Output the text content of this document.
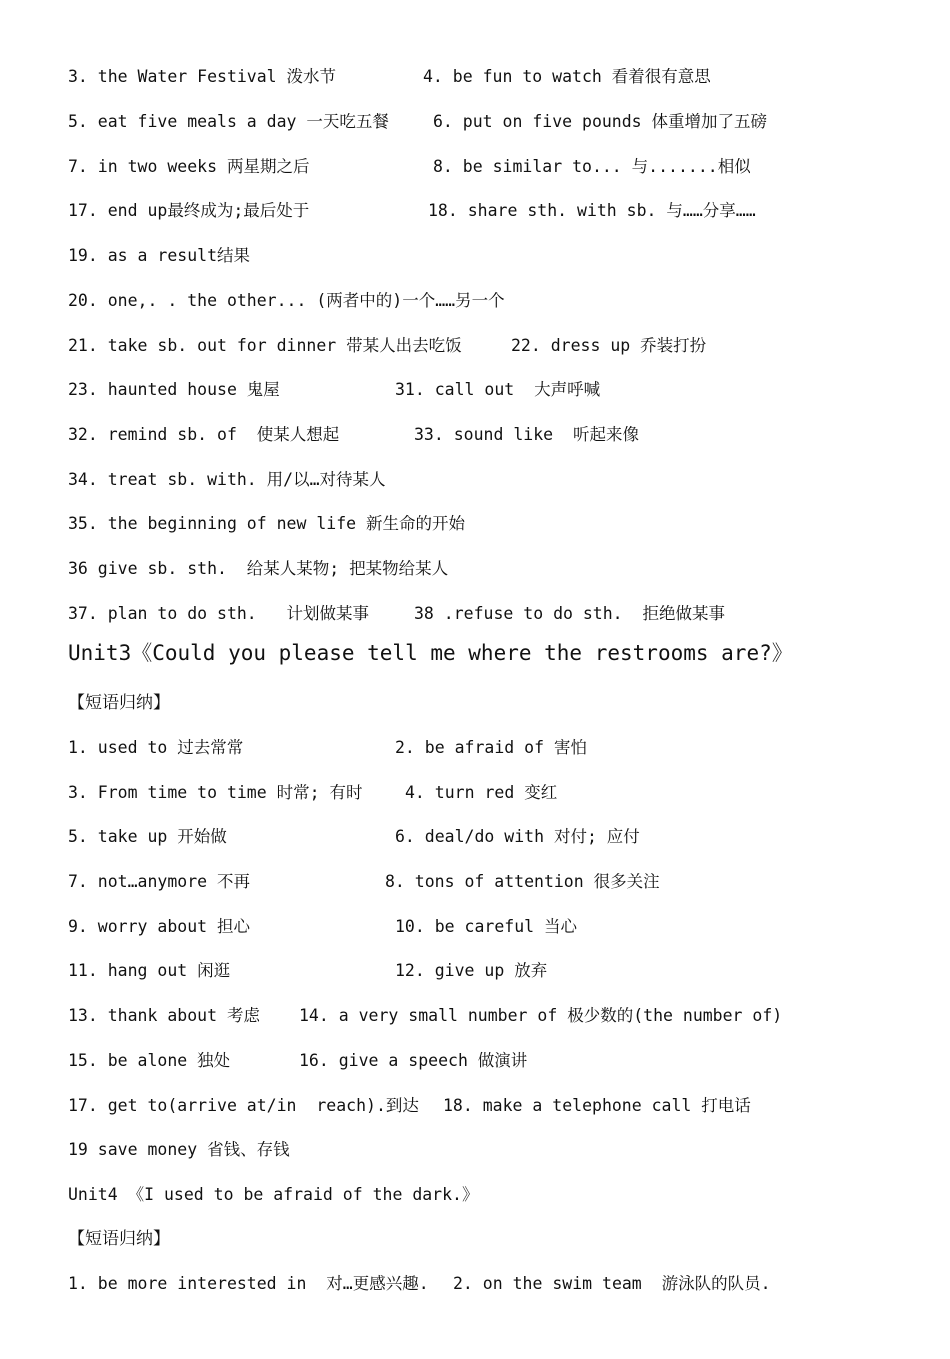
3. the Water Festival 泼水节

	4. be fun to watch 看着很有意思

5. eat five meals a day 一天吃五餐

	6. put on five pounds 体重增加了五磅

7. in two weeks 两星期之后

	8. be similar to... 与.......相似

17. end up最终成为;最后处于

	18. share sth. with sb. 与……分享……

19. as a result结果

20. one,. . the other... (两者中的)一个……另一个

21. take sb. out for dinner 带某人出去吃饭

	22. dress up 乔装打扮

23. haunted house 鬼屋

	31. call out  大声呼喊

32. remind sb. of  使某人想起

	33. sound like  听起来像

34. treat sb. with. 用/以…对待某人

35. the beginning of new life 新生命的开始

36 give sb. sth.  给某人某物; 把某物给某人

37. plan to do sth.   计划做某事

	38 .refuse to do sth.  拒绝做某事

Unit3《Could you please tell me where the restrooms are?》
【短语归纳】

1. used to 过去常常

	2. be afraid of 害怕

3. From time to time 时常; 有时

	4. turn red 变红

5. take up 开始做

	6. deal/do with 对付; 应付

7. not…anymore 不再

	8. tons of attention 很多关注

9. worry about 担心

	10. be careful 当心

11. hang out 闲逛

	12. give up 放弃

13. thank about 考虑

14. a very small number of 极少数的(the number of)

15. be alone 独处

	16. give a speech 做演讲

17. get to(arrive at/in  reach).到达

18. make a telephone call 打电话

19 save money 省钱、存钱

Unit4 《I used to be afraid of the dark.》
【短语归纳】

1. be more interested in  对…更感兴趣.

2. on the swim team  游泳队的队员.
